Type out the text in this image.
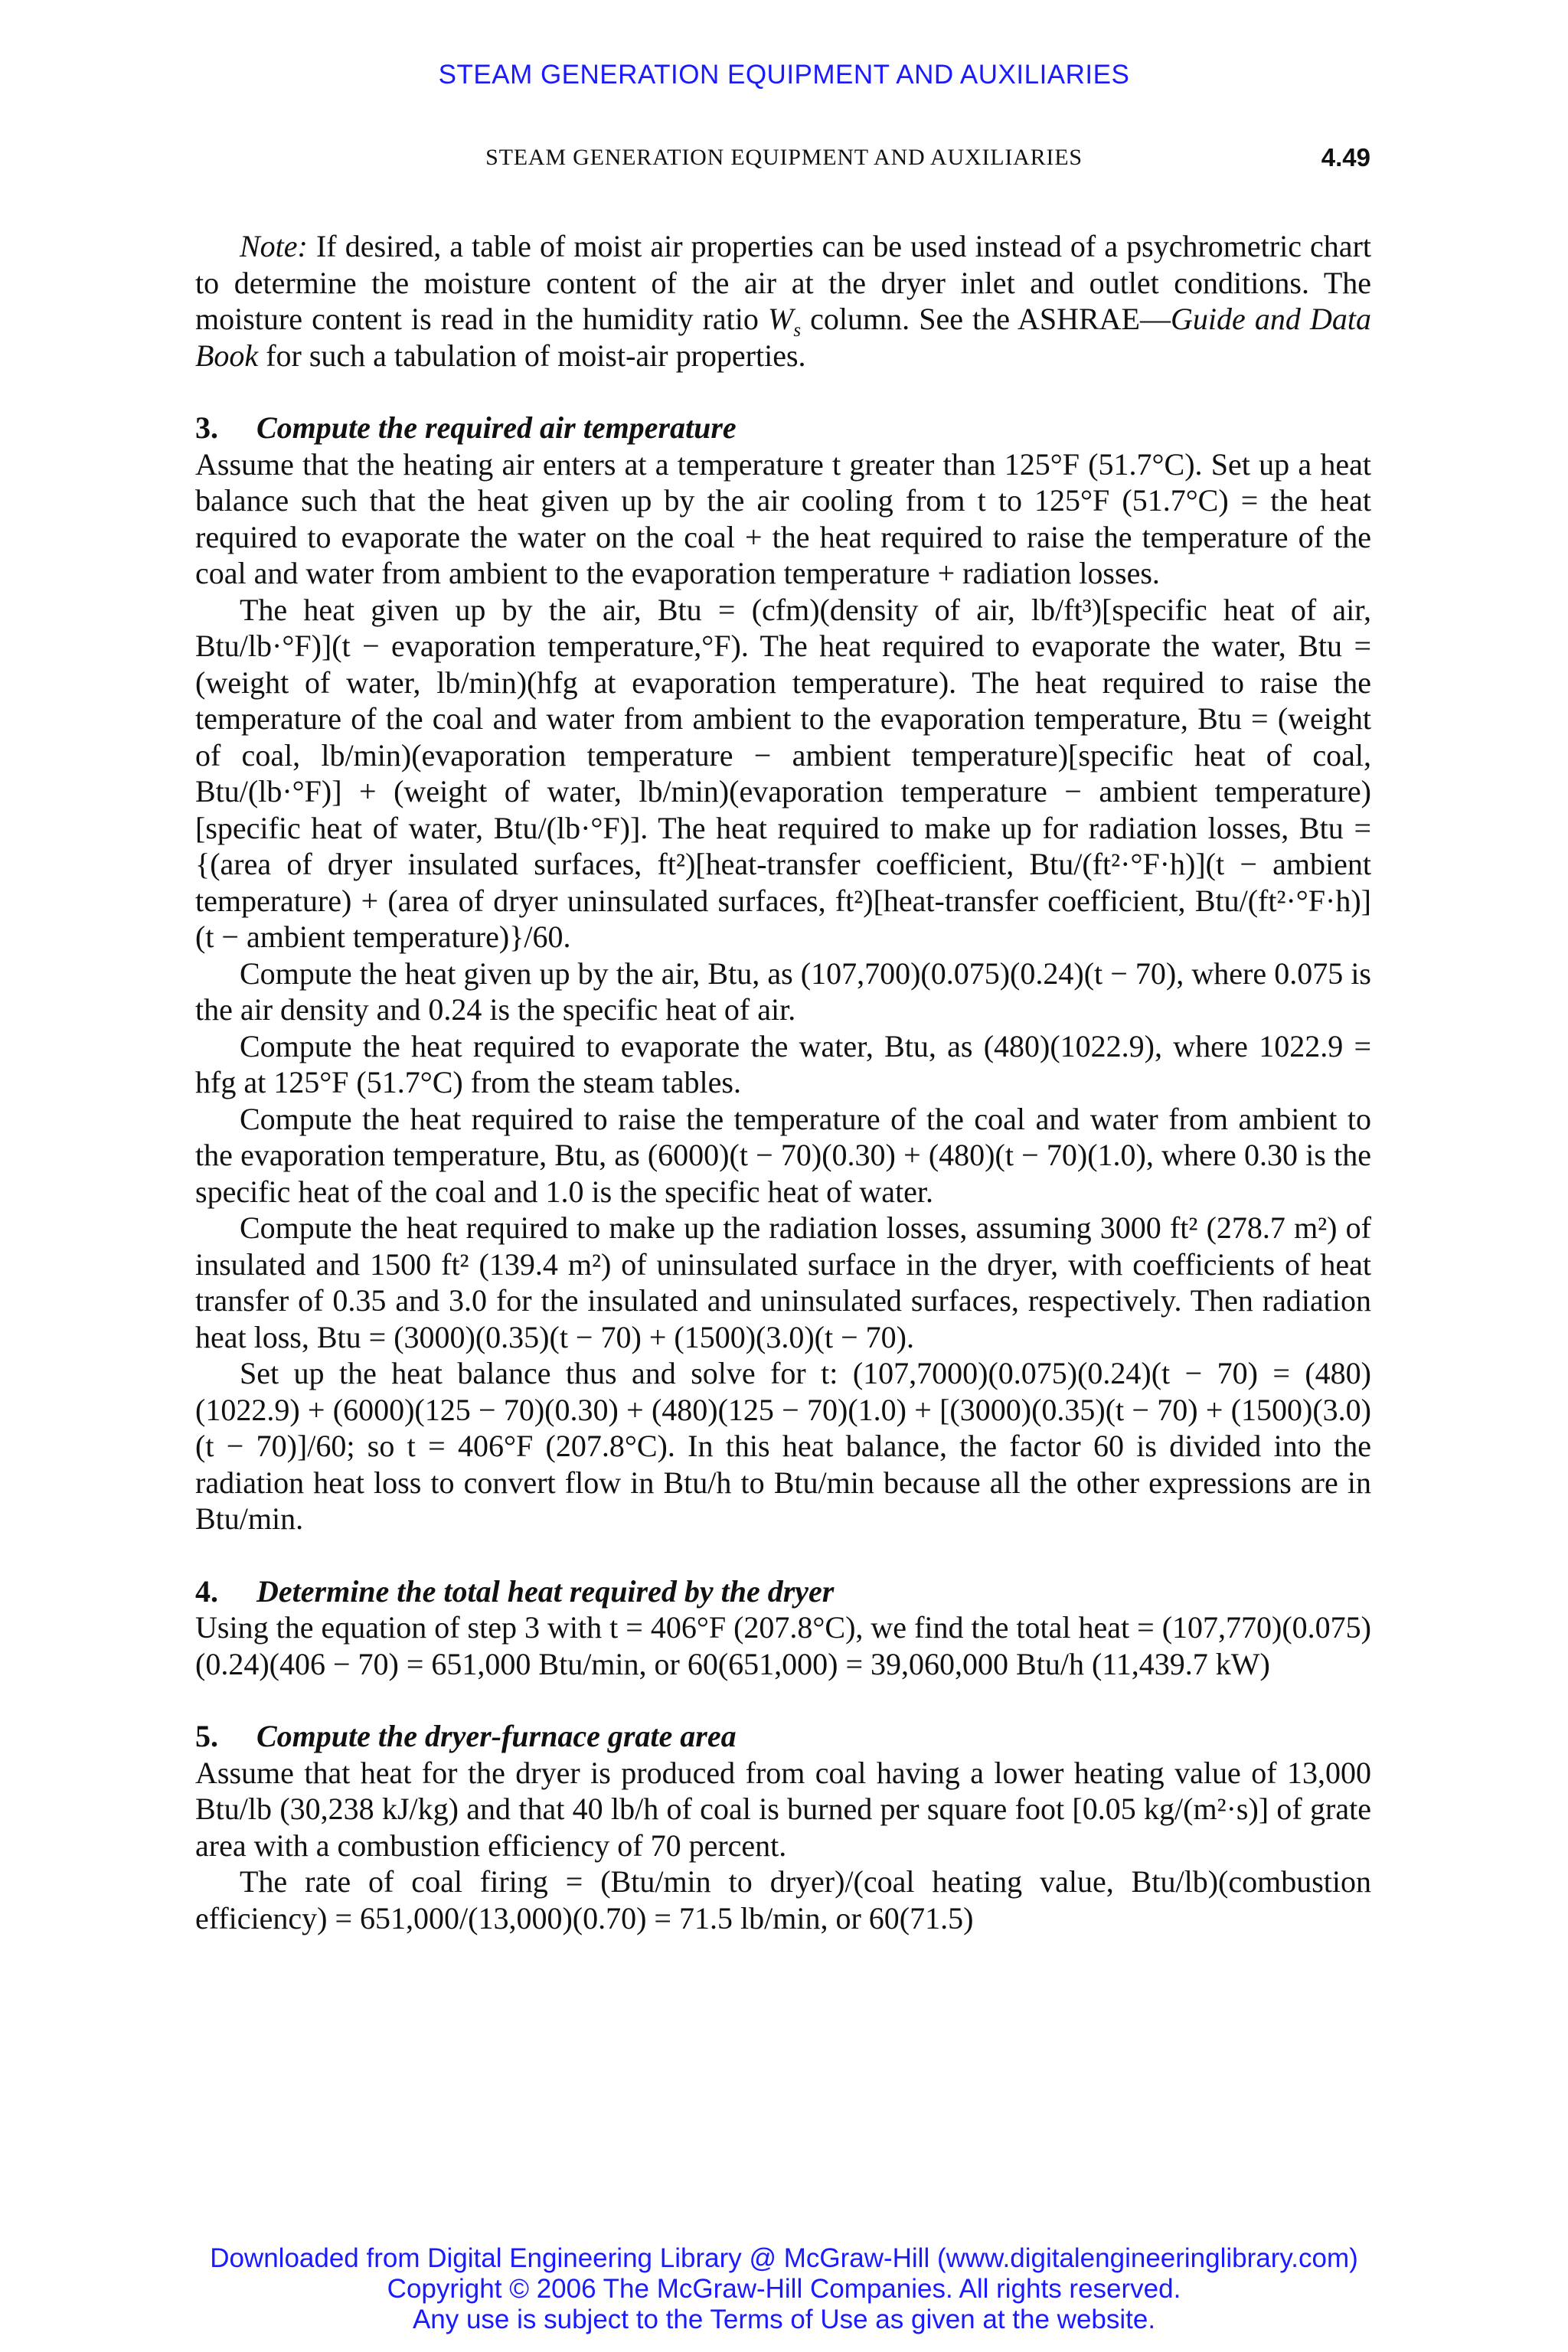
STEAM GENERATION EQUIPMENT AND AUXILIARIES
STEAM GENERATION EQUIPMENT AND AUXILIARIES	4.49

Note: If desired, a table of moist air properties can be used instead of a psychrometric chart to determine the moisture content of the air at the dryer inlet and outlet conditions. The moisture content is read in the humidity ratio $W_s$ column. See the ASHRAE—Guide and Data Book for such a tabulation of moist-air properties.

3. Compute the required air temperature

Assume that the heating air enters at a temperature t greater than 125°F (51.7°C). Set up a heat balance such that the heat given up by the air cooling from t to 125°F (51.7°C) = the heat required to evaporate the water on the coal + the heat required to raise the temperature of the coal and water from ambient to the evaporation temperature + radiation losses.

The heat given up by the air, Btu = (cfm)(density of air, lb/ft³)[specific heat of air, Btu/lb·°F)](t − evaporation temperature,°F). The heat required to evaporate the water, Btu = (weight of water, lb/min)(hfg at evaporation temperature). The heat required to raise the temperature of the coal and water from ambient to the evaporation temperature, Btu = (weight of coal, lb/min)(evaporation temperature − ambient temperature)[specific heat of coal, Btu/(lb·°F)] + (weight of water, lb/min)(evaporation temperature − ambient temperature)[specific heat of water, Btu/(lb·°F)]. The heat required to make up for radiation losses, Btu = {(area of dryer insulated surfaces, ft²)[heat-transfer coefficient, Btu/(ft²·°F·h)](t − ambient temperature) + (area of dryer uninsulated surfaces, ft²)[heat-transfer coefficient, Btu/(ft²·°F·h)](t − ambient temperature)}/60.

Compute the heat given up by the air, Btu, as (107,700)(0.075)(0.24)(t − 70), where 0.075 is the air density and 0.24 is the specific heat of air.

Compute the heat required to evaporate the water, Btu, as (480)(1022.9), where 1022.9 = hfg at 125°F (51.7°C) from the steam tables.

Compute the heat required to raise the temperature of the coal and water from ambient to the evaporation temperature, Btu, as (6000)(t − 70)(0.30) + (480)(t − 70)(1.0), where 0.30 is the specific heat of the coal and 1.0 is the specific heat of water.

Compute the heat required to make up the radiation losses, assuming 3000 ft² (278.7 m²) of insulated and 1500 ft² (139.4 m²) of uninsulated surface in the dryer, with coefficients of heat transfer of 0.35 and 3.0 for the insulated and uninsulated surfaces, respectively. Then radiation heat loss, Btu = (3000)(0.35)(t − 70) + (1500)(3.0)(t − 70).

Set up the heat balance thus and solve for t: (107,7000)(0.075)(0.24)(t − 70) = (480)(1022.9) + (6000)(125 − 70)(0.30) + (480)(125 − 70)(1.0) + [(3000)(0.35)(t − 70) + (1500)(3.0)(t − 70)]/60; so t = 406°F (207.8°C). In this heat balance, the factor 60 is divided into the radiation heat loss to convert flow in Btu/h to Btu/min because all the other expressions are in Btu/min.

4. Determine the total heat required by the dryer

Using the equation of step 3 with t = 406°F (207.8°C), we find the total heat = (107,770)(0.075)(0.24)(406 − 70) = 651,000 Btu/min, or 60(651,000) = 39,060,000 Btu/h (11,439.7 kW)

5. Compute the dryer-furnace grate area

Assume that heat for the dryer is produced from coal having a lower heating value of 13,000 Btu/lb (30,238 kJ/kg) and that 40 lb/h of coal is burned per square foot [0.05 kg/(m²·s)] of grate area with a combustion efficiency of 70 percent.

The rate of coal firing = (Btu/min to dryer)/(coal heating value, Btu/lb)(combustion efficiency) = 651,000/(13,000)(0.70) = 71.5 lb/min, or 60(71.5)

Downloaded from Digital Engineering Library @ McGraw-Hill (www.digitalengineeringlibrary.com)
Copyright © 2006 The McGraw-Hill Companies. All rights reserved.
Any use is subject to the Terms of Use as given at the website.
